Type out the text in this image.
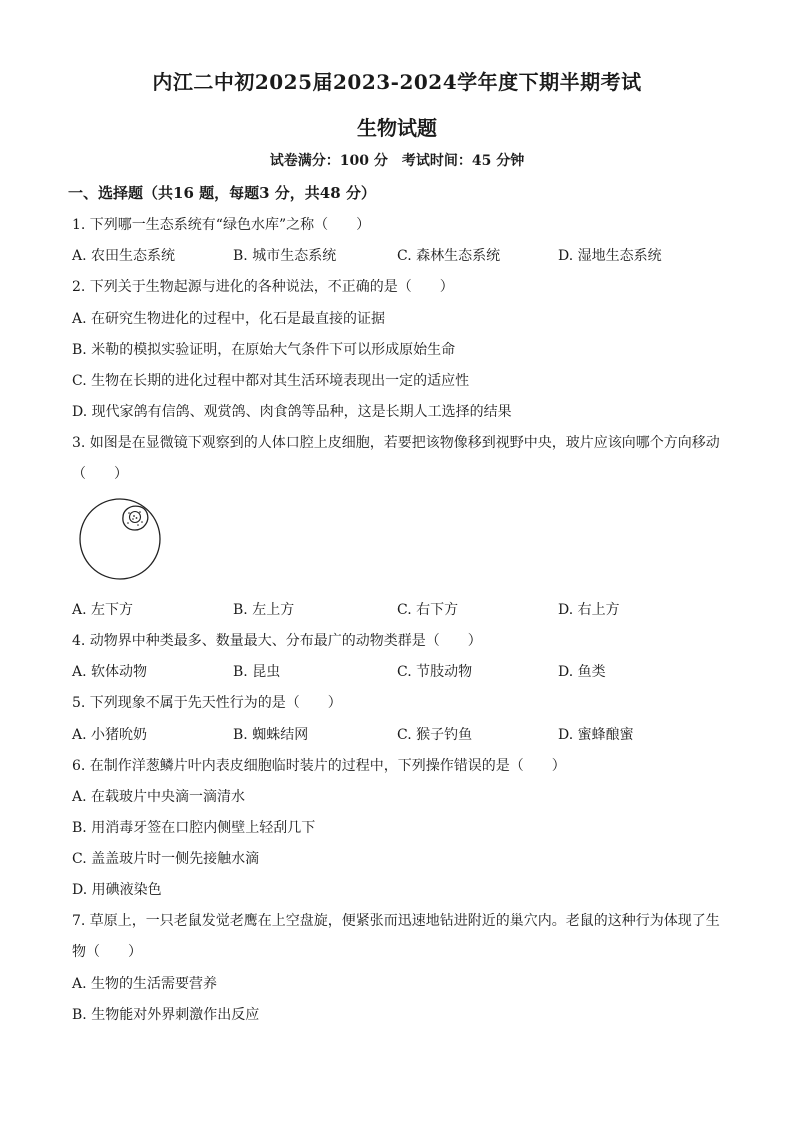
内江二中初2025届2023-2024学年度下期半期考试
生物试题
试卷满分：100 分　考试时间：45 分钟
一、选择题（共16 题，每题3 分，共48 分）
1. 下列哪一生态系统有“绿色水库”之称（　　）
A. 农田生态系统	B. 城市生态系统	C. 森林生态系统	D. 湿地生态系统
2. 下列关于生物起源与进化的各种说法，不正确的是（　　）
A. 在研究生物进化的过程中，化石是最直接的证据
B. 米勒的模拟实验证明，在原始大气条件下可以形成原始生命
C. 生物在长期的进化过程中都对其生活环境表现出一定的适应性
D. 现代家鸽有信鸽、观赏鸽、肉食鸽等品种，这是长期人工选择的结果
3. 如图是在显微镜下观察到的人体口腔上皮细胞，若要把该物像移到视野中央，玻片应该向哪个方向移动
（　　）
A. 左下方	B. 左上方	C. 右下方	D. 右上方
4. 动物界中种类最多、数量最大、分布最广的动物类群是（　　）
A. 软体动物	B. 昆虫	C. 节肢动物	D. 鱼类
5. 下列现象不属于先天性行为的是（　　）
A. 小猪吮奶	B. 蜘蛛结网	C. 猴子钓鱼	D. 蜜蜂酿蜜
6. 在制作洋葱鳞片叶内表皮细胞临时装片的过程中，下列操作错误的是（　　）
A. 在载玻片中央滴一滴清水
B. 用消毒牙签在口腔内侧壁上轻刮几下
C. 盖盖玻片时一侧先接触水滴
D. 用碘液染色
7. 草原上，一只老鼠发觉老鹰在上空盘旋，便紧张而迅速地钻进附近的巢穴内。老鼠的这种行为体现了生
物（　　）
A. 生物的生活需要营养
B. 生物能对外界刺激作出反应
